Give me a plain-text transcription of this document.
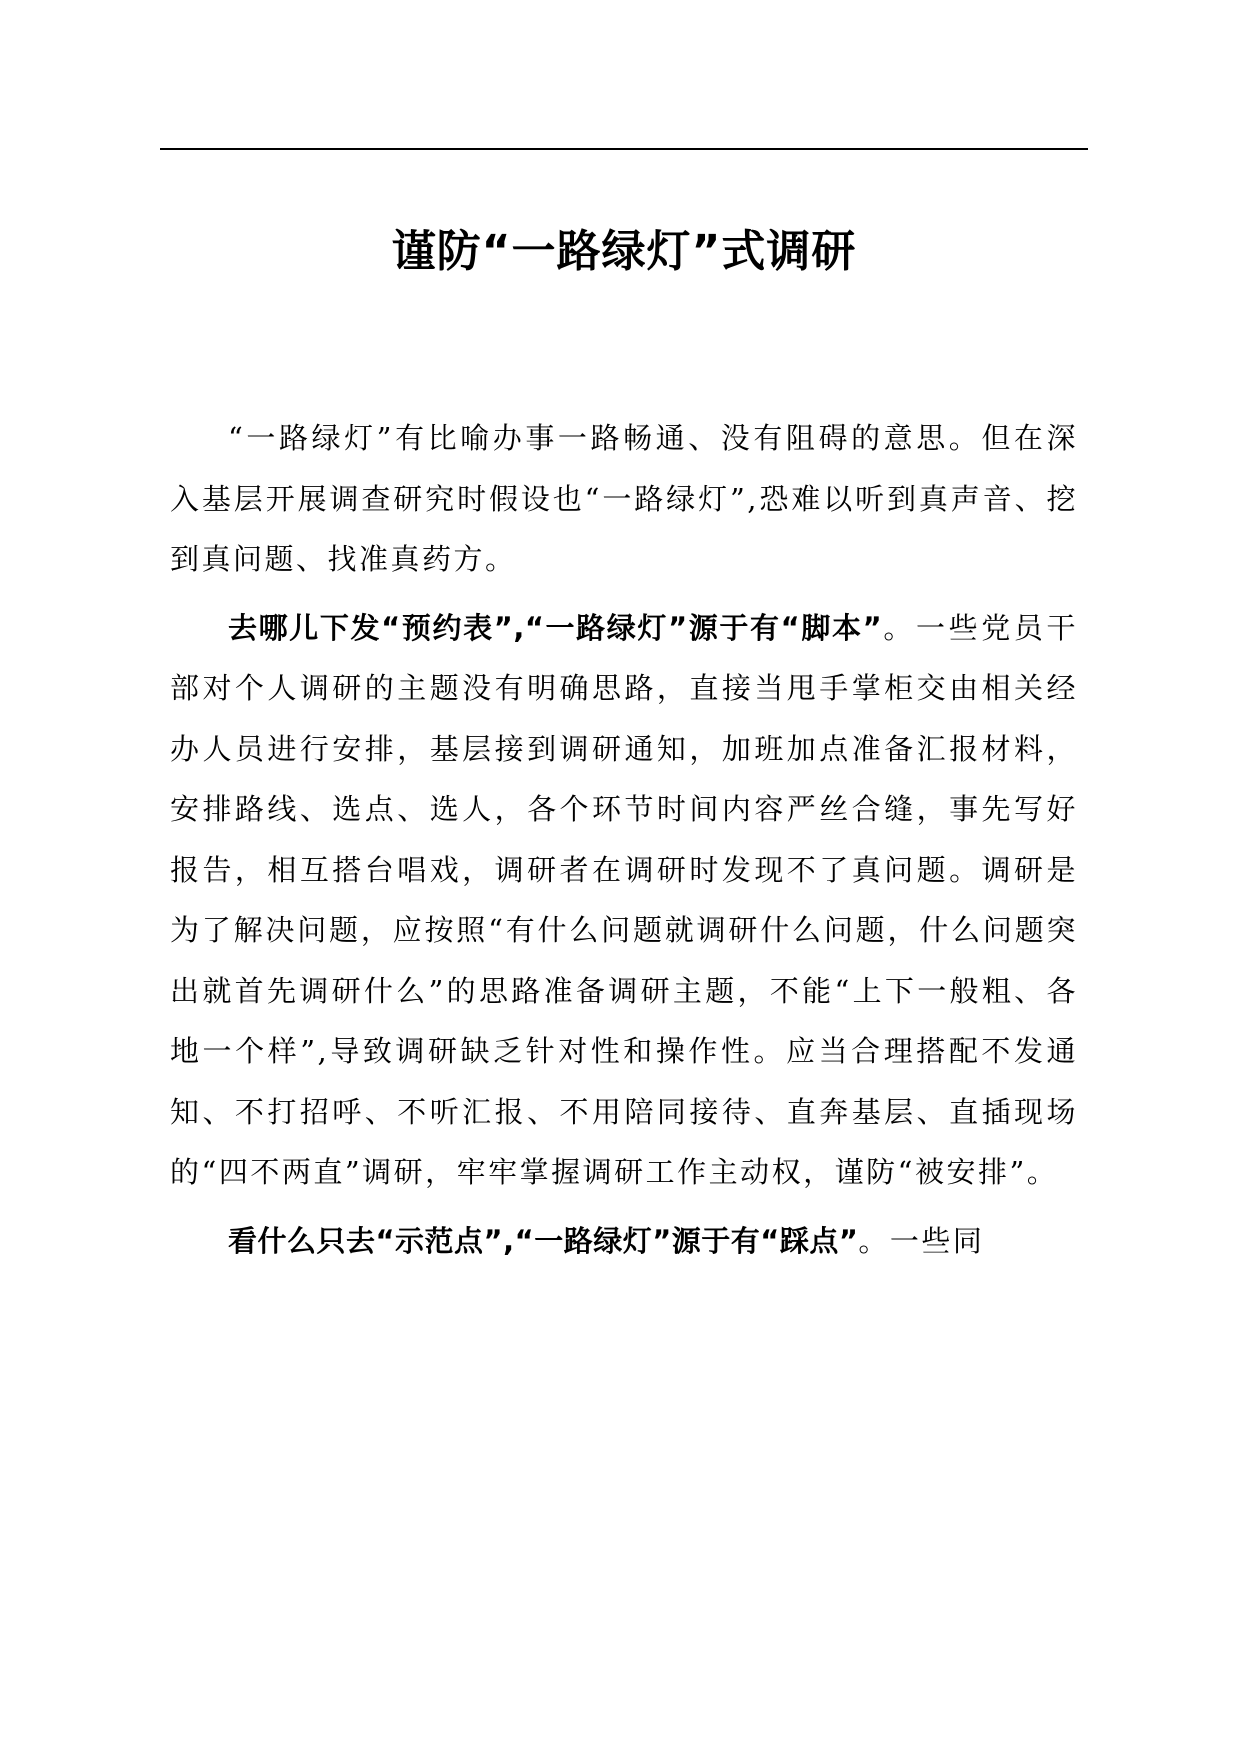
谨防“一路绿灯”式调研

“一路绿灯”有比喻办事一路畅通、没有阻碍的意思。但在深入基层开展调查研究时假设也“一路绿灯”,恐难以听到真声音、挖到真问题、找准真药方。

去哪儿下发“预约表”,“一路绿灯”源于有“脚本”。一些党员干部对个人调研的主题没有明确思路，直接当甩手掌柜交由相关经办人员进行安排，基层接到调研通知，加班加点准备汇报材料，安排路线、选点、选人，各个环节时间内容严丝合缝，事先写好报告，相互搭台唱戏，调研者在调研时发现不了真问题。调研是为了解决问题，应按照“有什么问题就调研什么问题，什么问题突出就首先调研什么”的思路准备调研主题，不能“上下一般粗、各地一个样”,导致调研缺乏针对性和操作性。应当合理搭配不发通知、不打招呼、不听汇报、不用陪同接待、直奔基层、直插现场的“四不两直”调研，牢牢掌握调研工作主动权，谨防“被安排”。

看什么只去“示范点”,“一路绿灯”源于有“踩点”。一些同
